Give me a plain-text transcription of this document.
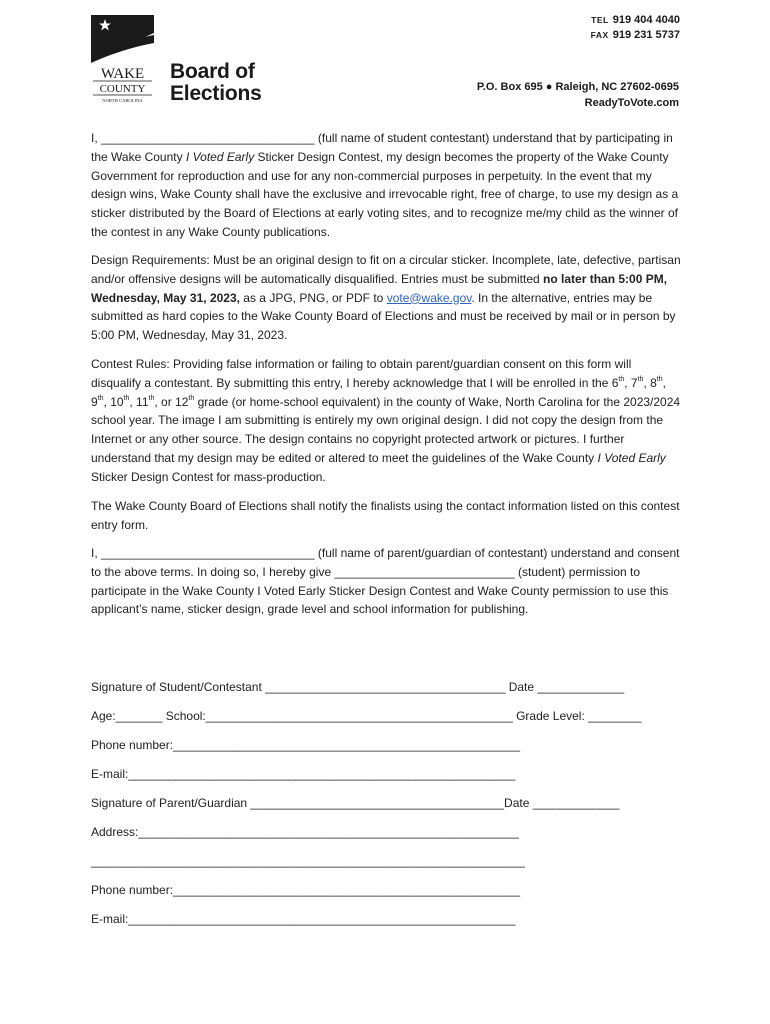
WAKE
COUNTY
NORTH CAROLINA
Board of
Elections
TEL 919 404 4040
FAX 919 231 5737
P.O. Box 695 ● Raleigh, NC 27602-0695
ReadyToVote.com
I, ________________________________ (full name of student contestant) understand that by participating in the Wake County I Voted Early Sticker Design Contest, my design becomes the property of the Wake County Government for reproduction and use for any non-commercial purposes in perpetuity. In the event that my design wins, Wake County shall have the exclusive and irrevocable right, free of charge, to use my design as a sticker distributed by the Board of Elections at early voting sites, and to recognize me/my child as the winner of the contest in any Wake County publications.
Design Requirements: Must be an original design to fit on a circular sticker. Incomplete, late, defective, partisan and/or offensive designs will be automatically disqualified. Entries must be submitted no later than 5:00 PM, Wednesday, May 31, 2023, as a JPG, PNG, or PDF to vote@wake.gov. In the alternative, entries may be submitted as hard copies to the Wake County Board of Elections and must be received by mail or in person by 5:00 PM, Wednesday, May 31, 2023.
Contest Rules: Providing false information or failing to obtain parent/guardian consent on this form will disqualify a contestant. By submitting this entry, I hereby acknowledge that I will be enrolled in the 6th, 7th, 8th, 9th, 10th, 11th, or 12th grade (or home-school equivalent) in the county of Wake, North Carolina for the 2023/2024 school year. The image I am submitting is entirely my own original design. I did not copy the design from the Internet or any other source. The design contains no copyright protected artwork or pictures. I further understand that my design may be edited or altered to meet the guidelines of the Wake County I Voted Early Sticker Design Contest for mass-production.
The Wake County Board of Elections shall notify the finalists using the contact information listed on this contest entry form.
I, ________________________________ (full name of parent/guardian of contestant) understand and consent to the above terms. In doing so, I hereby give ___________________________ (student) permission to participate in the Wake County I Voted Early Sticker Design Contest and Wake County permission to use this applicant’s name, sticker design, grade level and school information for publishing.
Signature of Student/Contestant ____________________________________ Date _____________
Age:_______ School:______________________________________________ Grade Level: ________
Phone number:____________________________________________________
E-mail:__________________________________________________________
Signature of Parent/Guardian ______________________________________Date _____________
Address:_________________________________________________________
_________________________________________________________________
Phone number:____________________________________________________
E-mail:__________________________________________________________
